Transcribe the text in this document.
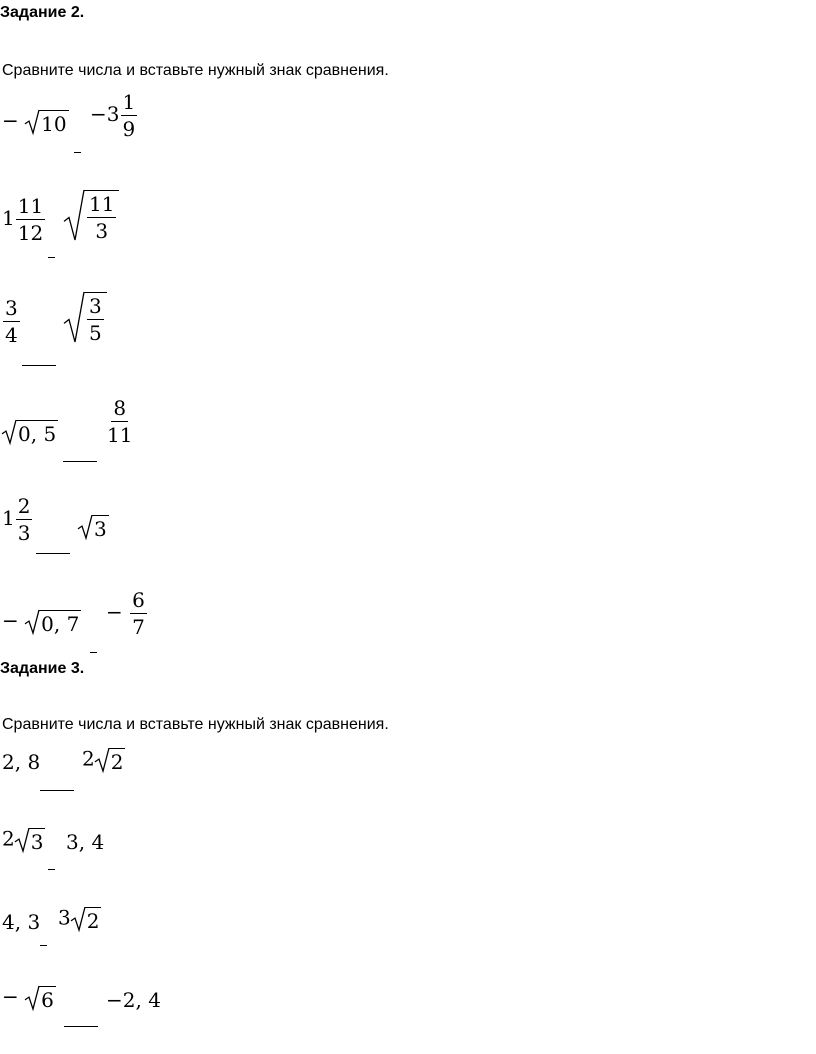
Задание 2.
Сравните числа и вставьте нужный знак сравнения.
− $10 -3 \frac{1}{9}$
$1 \frac{11}{12} \frac{11}{3}$
$\frac{3}{4}$	$\frac{3}{5}$
0, $5 \frac{8}{11}$
$1 \frac{2}{3}$	3
− 0, $7 - \frac{6}{7}$
Задание 3.
Сравните числа и вставьте нужный знак сравнения.
2, 8 2 2
2 3 3, 4
4, 3 3 2
− 6	−2, 4
